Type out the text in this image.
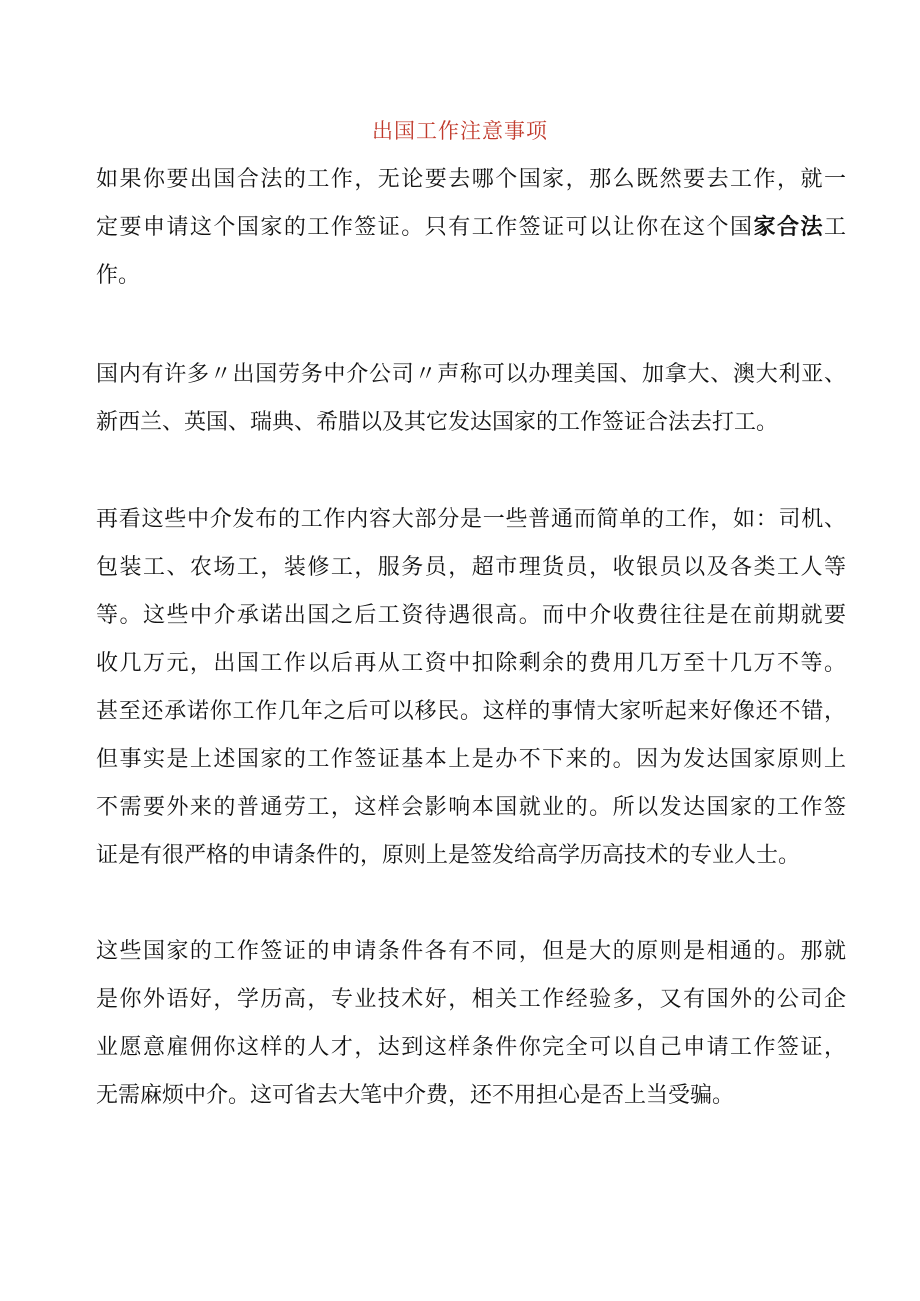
出国工作注意事项
如果你要出国合法的工作，无论要去哪个国家，那么既然要去工作，就一
定要申请这个国家的工作签证。只有工作签证可以让你在这个国家合法工
作。
国内有许多〃出国劳务中介公司〃声称可以办理美国、加拿大、澳大利亚、
新西兰、英国、瑞典、希腊以及其它发达国家的工作签证合法去打工。
再看这些中介发布的工作内容大部分是一些普通而简单的工作，如：司机、
包装工、农场工，装修工，服务员，超市理货员，收银员以及各类工人等
等。这些中介承诺出国之后工资待遇很高。而中介收费往往是在前期就要
收几万元，出国工作以后再从工资中扣除剩余的费用几万至十几万不等。
甚至还承诺你工作几年之后可以移民。这样的事情大家听起来好像还不错，
但事实是上述国家的工作签证基本上是办不下来的。因为发达国家原则上
不需要外来的普通劳工，这样会影响本国就业的。所以发达国家的工作签
证是有很严格的申请条件的，原则上是签发给高学历高技术的专业人士。
这些国家的工作签证的申请条件各有不同，但是大的原则是相通的。那就
是你外语好，学历高，专业技术好，相关工作经验多，又有国外的公司企
业愿意雇佣你这样的人才，达到这样条件你完全可以自己申请工作签证，
无需麻烦中介。这可省去大笔中介费，还不用担心是否上当受骗。
